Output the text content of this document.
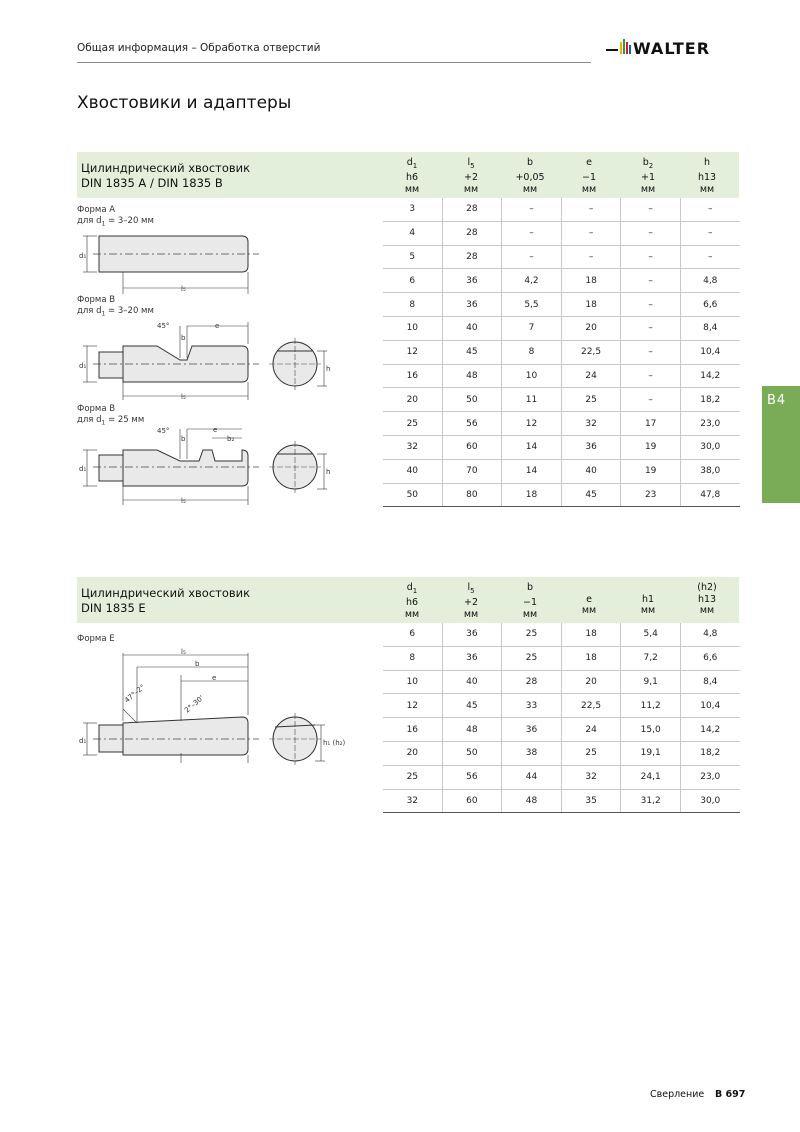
Общая информация – Обработка отверстий	WALTER
Хвостовики и адаптеры
Цилиндрический хвостовик
DIN 1835 A / DIN 1835 B
$d_1$
h6
мм
$l_5$
+2
мм
b
+0,05
мм
e
−1
мм
$b_2$
+1
мм
h
h13
мм
3	28	–	–	–	–
4	28	–	–	–	–
5	28	–	–	–	–
6	36	4,2	18	–	4,8
8	36	5,5	18	–	6,6
10	40	7	20	–	8,4
12	45	8	22,5	–	10,4
16	48	10	24	–	14,2
20	50	11	25	–	18,2
25	56	12	32	17	23,0
32	60	14	36	19	30,0
40	70	14	40	19	38,0
50	80	18	45	23	47,8
Форма A
для $d_1 = 3-20$ мм
Форма B
для $d_1 = 3-20$ мм
Форма B
для $d_1 = 25$ мм
d₁
l₅
d₁
45°	e
b
l₅
h
d₁
45°	e
b	b₂
l₅
h
Цилиндрический хвостовик
DIN 1835 E
$d_1$
h6
мм
$l_5$
+2
мм
b
−1
мм

e
мм

h1
мм
(h2)
h13
мм
6	36	25	18	5,4	4,8
8	36	25	18	7,2	6,6
10	40	28	20	9,1	8,4
12	45	33	22,5	11,2	10,4
16	48	36	24	15,0	14,2
20	50	38	25	19,1	18,2
25	56	44	32	24,1	23,0
32	60	48	35	31,2	30,0
Форма E
d₁
l₅
b
e
47°–2°	2°–30'
h₁ (h₂)
B4
Сверление B 697
